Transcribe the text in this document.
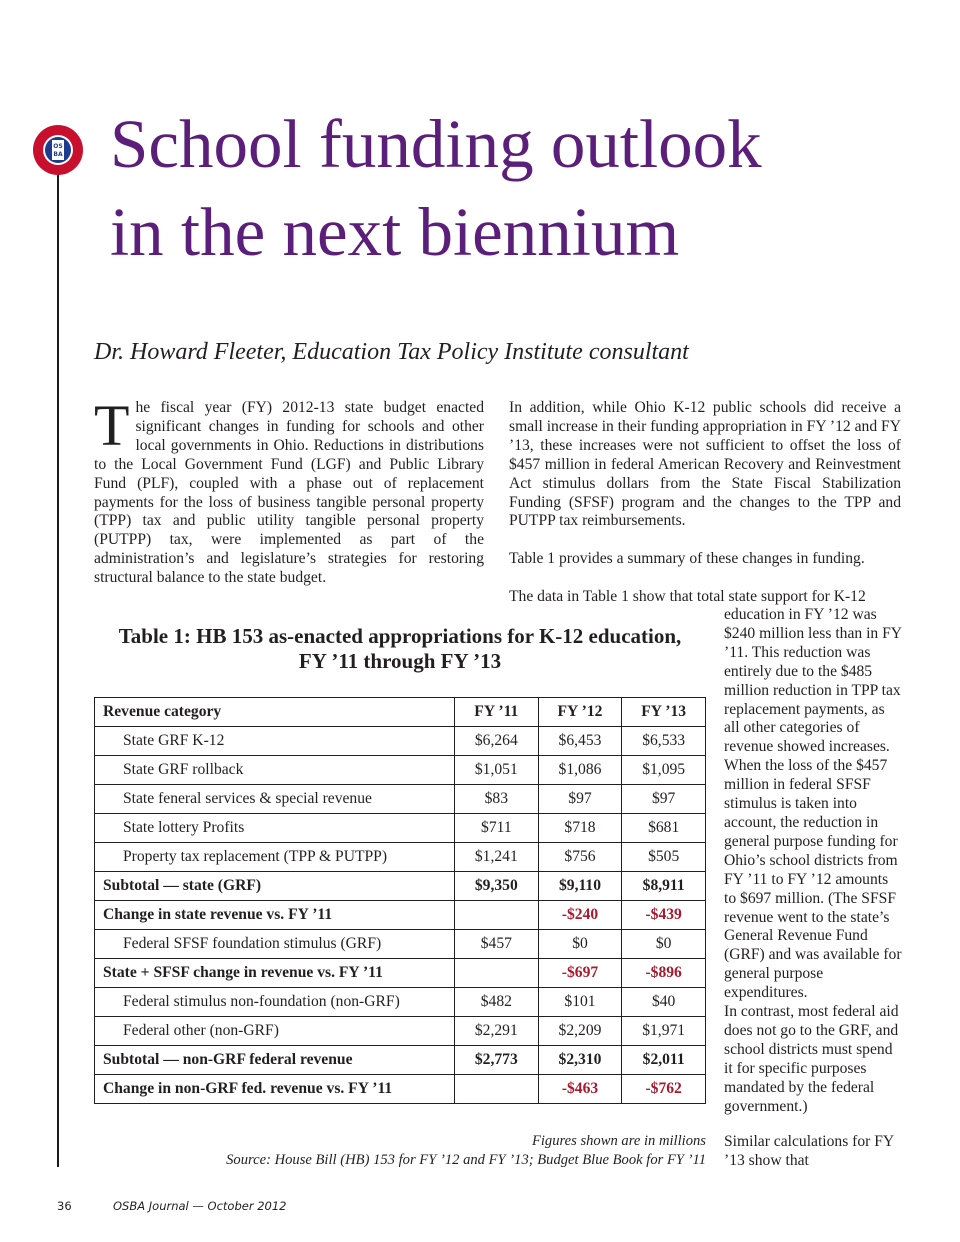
OS
BA School funding outlook
in the next biennium

Dr. Howard Fleeter, Education Tax Policy Institute consultant

The fiscal year (FY) 2012-13 state budget enacted significant changes in funding for schools and other local governments in Ohio. Reductions in distributions to the Local Government Fund (LGF) and Public Library Fund (PLF), coupled with a phase out of replacement payments for the loss of business tangible personal property (TPP) tax and public utility tangible personal property (PUTPP) tax, were implemented as part of the administration’s and legislature’s strategies for restoring structural balance to the state budget.

In addition, while Ohio K-12 public schools did receive a small increase in their funding appropriation in FY ’12 and FY ’13, these increases were not sufficient to offset the loss of $457 million in federal American Recovery and Reinvestment Act stimulus dollars from the State Fiscal Stabilization Funding (SFSF) program and the changes to the TPP and PUTPP tax reimbursements.

Table 1 provides a summary of these changes in funding.

The data in Table 1 show that total state support for K-12

education in FY ’12 was $240 million less than in FY ’11. This reduction was entirely due to the $485 million reduction in TPP tax replacement payments, as all other categories of revenue showed increases. When the loss of the $457 million in federal SFSF stimulus is taken into account, the reduction in general purpose funding for Ohio’s school districts from FY ’11 to FY ’12 amounts to $697 million. (The SFSF revenue went to the state’s General Revenue Fund (GRF) and was available for general purpose expenditures.

In contrast, most federal aid does not go to the GRF, and school districts must spend it for specific purposes mandated by the federal government.)

Similar calculations for FY ’13 show that

Table 1: HB 153 as-enacted appropriations for K-12 education,
FY ’11 through FY ’13
Revenue category	FY ’11	FY ’12	FY ’13
State GRF K-12	$6,264	$6,453	$6,533
State GRF rollback	$1,051	$1,086	$1,095
State feneral services & special revenue	$83	$97	$97
State lottery Profits	$711	$718	$681
Property tax replacement (TPP & PUTPP)	$1,241	$756	$505
Subtotal — state (GRF)	$9,350	$9,110	$8,911
Change in state revenue vs. FY ’11		-$240	-$439
Federal SFSF foundation stimulus (GRF)	$457	$0	$0
State + SFSF change in revenue vs. FY ’11		-$697	-$896
Federal stimulus non-foundation (non-GRF)	$482	$101	$40
Federal other (non-GRF)	$2,291	$2,209	$1,971
Subtotal — non-GRF federal revenue	$2,773	$2,310	$2,011
Change in non-GRF fed. revenue vs. FY ’11		-$463	-$762

Figures shown are in millions

Source: House Bill (HB) 153 for FY ’12 and FY ’13; Budget Blue Book for FY ’11

36	OSBA Journal — October 2012
